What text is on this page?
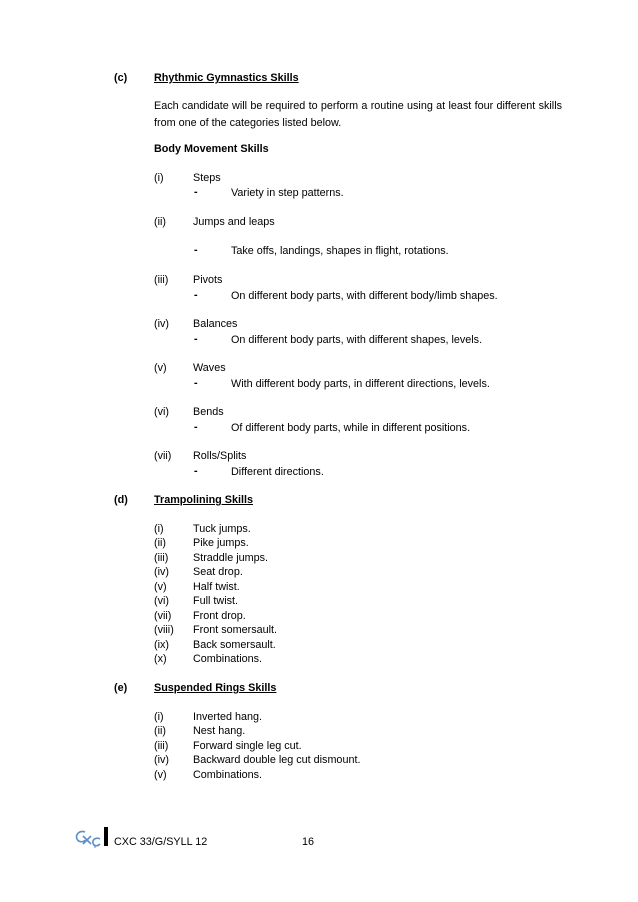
(c) Rhythmic Gymnastics Skills
Each candidate will be required to perform a routine using at least four different skills from one of the categories listed below.
Body Movement Skills
(i)	Steps
-	Variety in step patterns.
(ii)	Jumps and leaps
-	Take offs, landings, shapes in flight, rotations.
(iii) Pivots
-	On different body parts, with different body/limb shapes.
(iv) Balances
-	On different body parts, with different shapes, levels.
(v) Waves
-	With different body parts, in different directions, levels.
(vi) Bends
-	Of different body parts, while in different positions.
(vii) Rolls/Splits
-	Different directions.
(d) Trampolining Skills
(i)	Tuck jumps.
(ii)	Pike jumps.
(iii) Straddle jumps.
(iv) Seat drop.
(v) Half twist.
(vi) Full twist.
(vii) Front drop.
(viii) Front somersault.
(ix) Back somersault.
(x) Combinations.
(e) Suspended Rings Skills
(i)	Inverted hang.
(ii)	Nest hang.
(iii) Forward single leg cut.
(iv) Backward double leg cut dismount.
(v) Combinations.
CXC 33/G/SYLL 12	16
